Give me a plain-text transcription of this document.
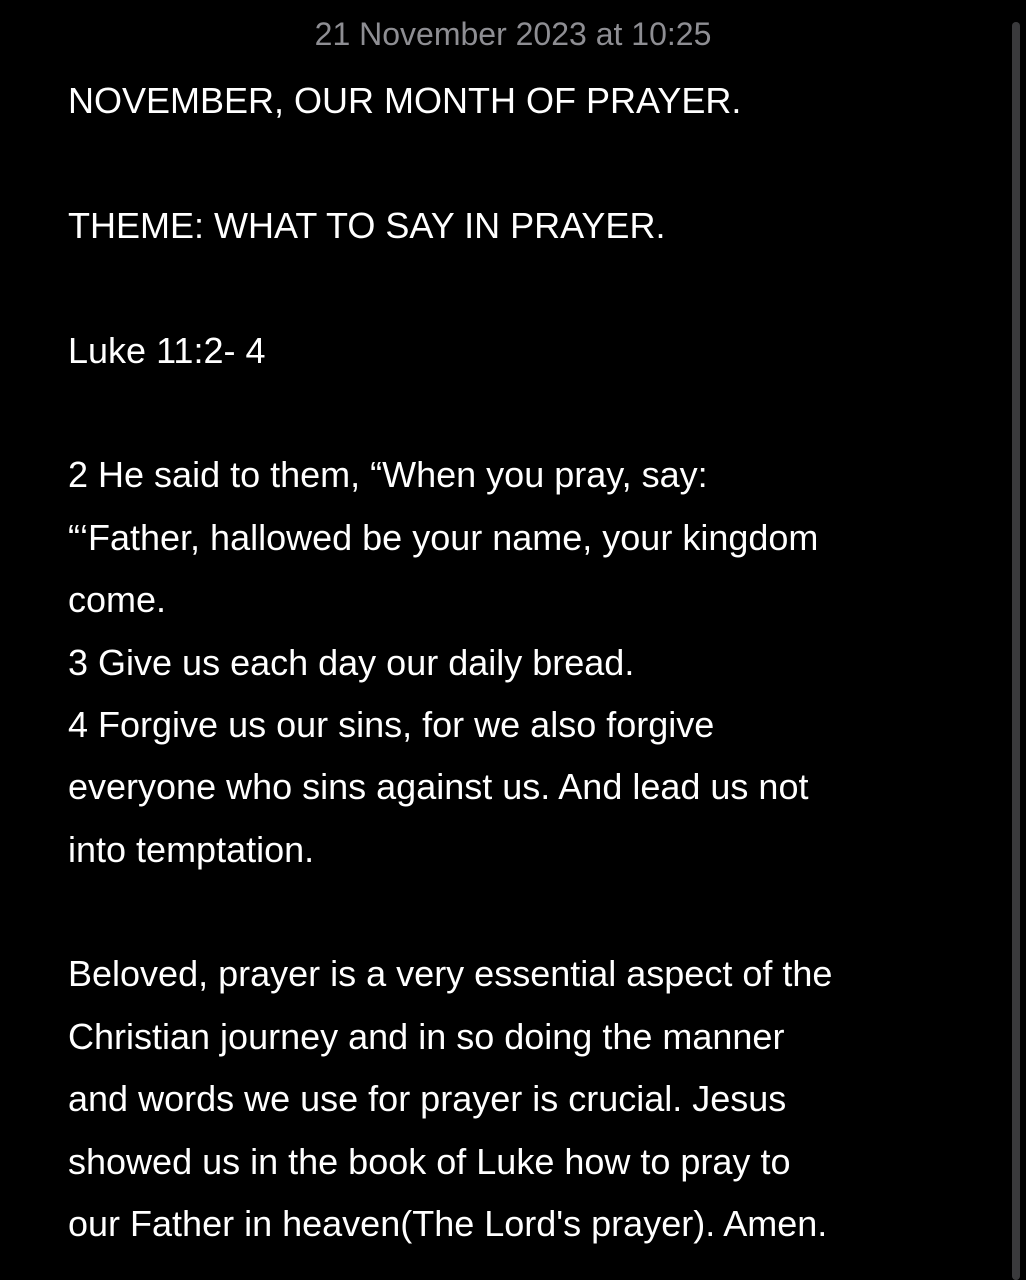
21 November 2023 at 10:25
NOVEMBER, OUR MONTH OF PRAYER.
THEME: WHAT TO SAY IN PRAYER.
Luke 11:2- 4
2 He said to them, “When you pray, say:
“‘Father, hallowed be your name, your kingdom
come.
3 Give us each day our daily bread.
4 Forgive us our sins, for we also forgive
everyone who sins against us. And lead us not
into temptation.
Beloved, prayer is a very essential aspect of the
Christian journey and in so doing the manner
and words we use for prayer is crucial. Jesus
showed us in the book of Luke how to pray to
our Father in heaven(The Lord's prayer). Amen.
